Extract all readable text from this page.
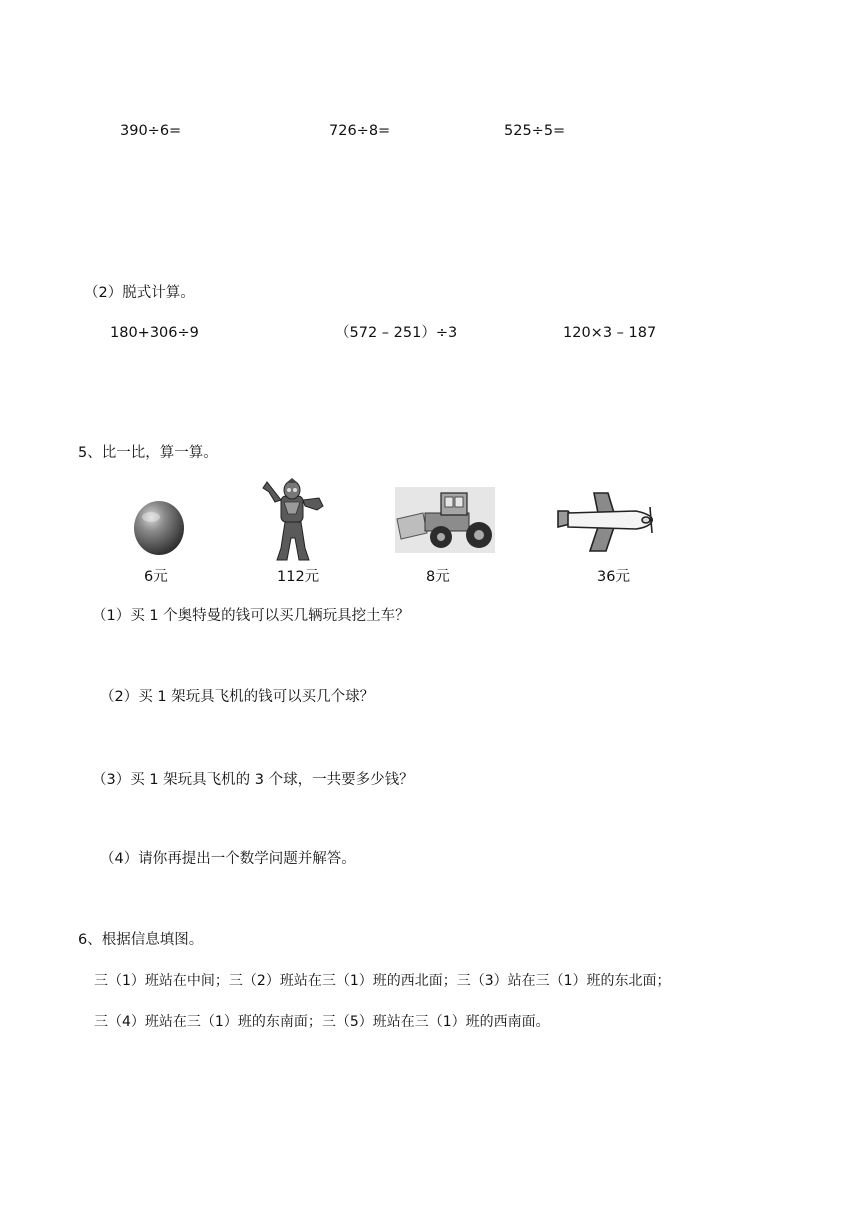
390÷6=	726÷8=	525÷5=
（2）脱式计算。
180+306÷9	（572 – 251）÷3	120×3 – 187
5、比一比，算一算。
6元	112元	8元	36元
（1）买 1 个奥特曼的钱可以买几辆玩具挖土车？
（2）买 1 架玩具飞机的钱可以买几个球？
（3）买 1 架玩具飞机的 3 个球，一共要多少钱？
（4）请你再提出一个数学问题并解答。
6、根据信息填图。
三（1）班站在中间；三（2）班站在三（1）班的西北面；三（3）站在三（1）班的东北面；
三（4）班站在三（1）班的东南面；三（5）班站在三（1）班的西南面。
